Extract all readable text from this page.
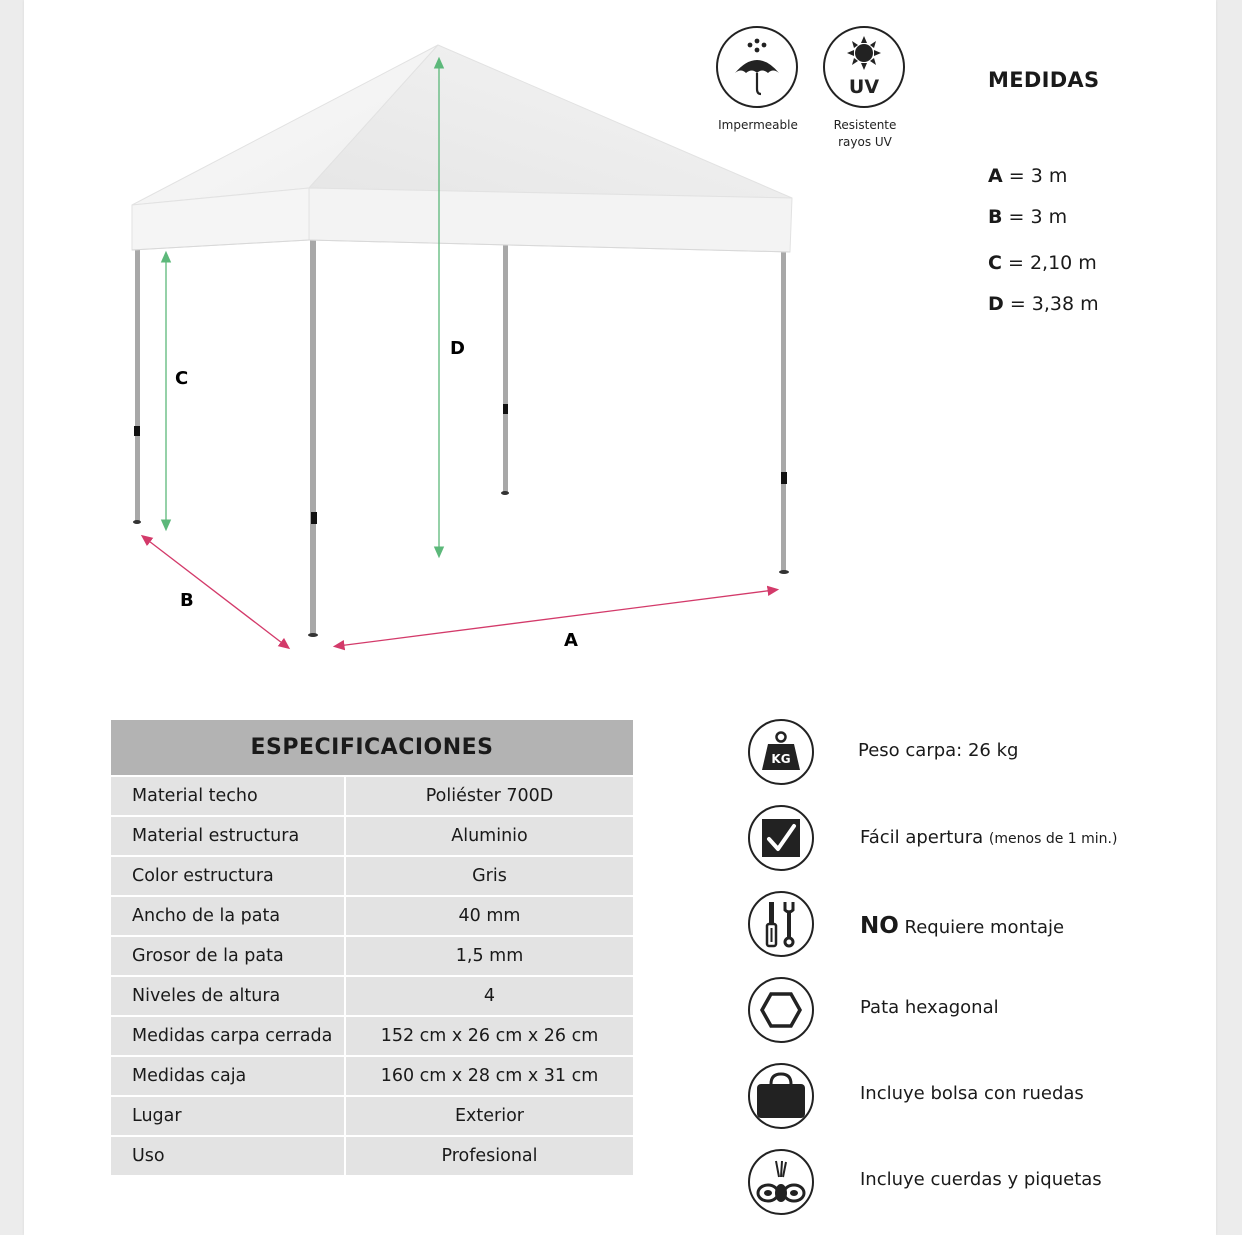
D
C
B
A
Impermeable
UV
Resistente
rayos UV
MEDIDAS
A = 3 m
B = 3 m
C = 2,10 m
D = 3,38 m
ESPECIFICACIONES	
Material techo	Poliéster 700D
Material estructura	Aluminio
Color estructura	Gris
Ancho de la pata	40 mm
Grosor de la pata	1,5 mm
Niveles de altura	4
Medidas carpa cerrada	152 cm x 26 cm x 26 cm
Medidas caja	160 cm x 28 cm x 31 cm
Lugar	Exterior
Uso	Profesional
KG	Peso carpa: 26 kg
Fácil apertura (menos de 1 min.)
NO Requiere montaje
Pata hexagonal
Incluye bolsa con ruedas
Incluye cuerdas y piquetas
